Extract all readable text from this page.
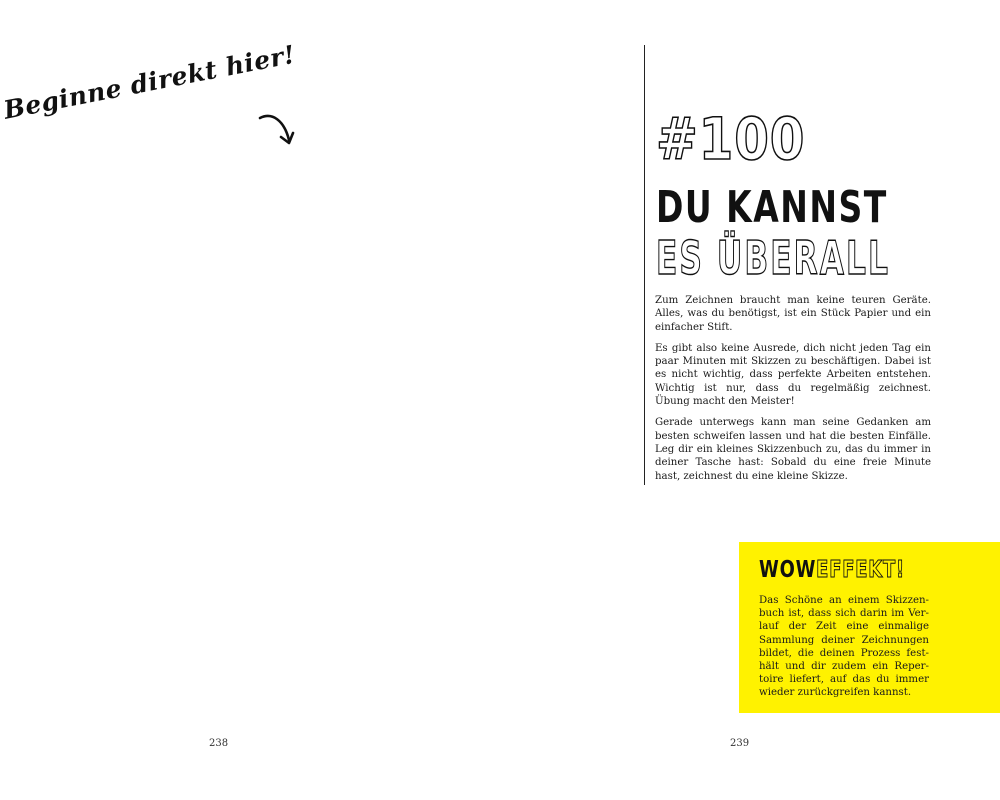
Beginne direkt hier!
238
#100
DU KANNST
ES ÜBERALL

Zum Zeichnen braucht man keine teuren Geräte. Alles, was du benötigst, ist ein Stück Papier und ein einfacher Stift.

Es gibt also keine Ausrede, dich nicht jeden Tag ein paar Minuten mit Skizzen zu beschäftigen. Dabei ist es nicht wichtig, dass perfekte Arbeiten entstehen. Wichtig ist nur, dass du regelmäßig zeichnest. Übung macht den Meister!

Gerade unterwegs kann man seine Gedanken am besten schweifen lassen und hat die besten Einfälle. Leg dir ein kleines Skizzenbuch zu, das du immer in deiner Tasche hast: Sobald du eine freie Minute hast, zeichnest du eine kleine Skizze.

WOWEFFEKT!
Das Schöne an einem Skizzenbuch ist, dass sich darin im Verlauf der Zeit eine einmalige Sammlung deiner Zeichnungen bildet, die deinen Prozess festhält und dir zudem ein Repertoire liefert, auf das du immer wieder zurückgreifen kannst.
239
